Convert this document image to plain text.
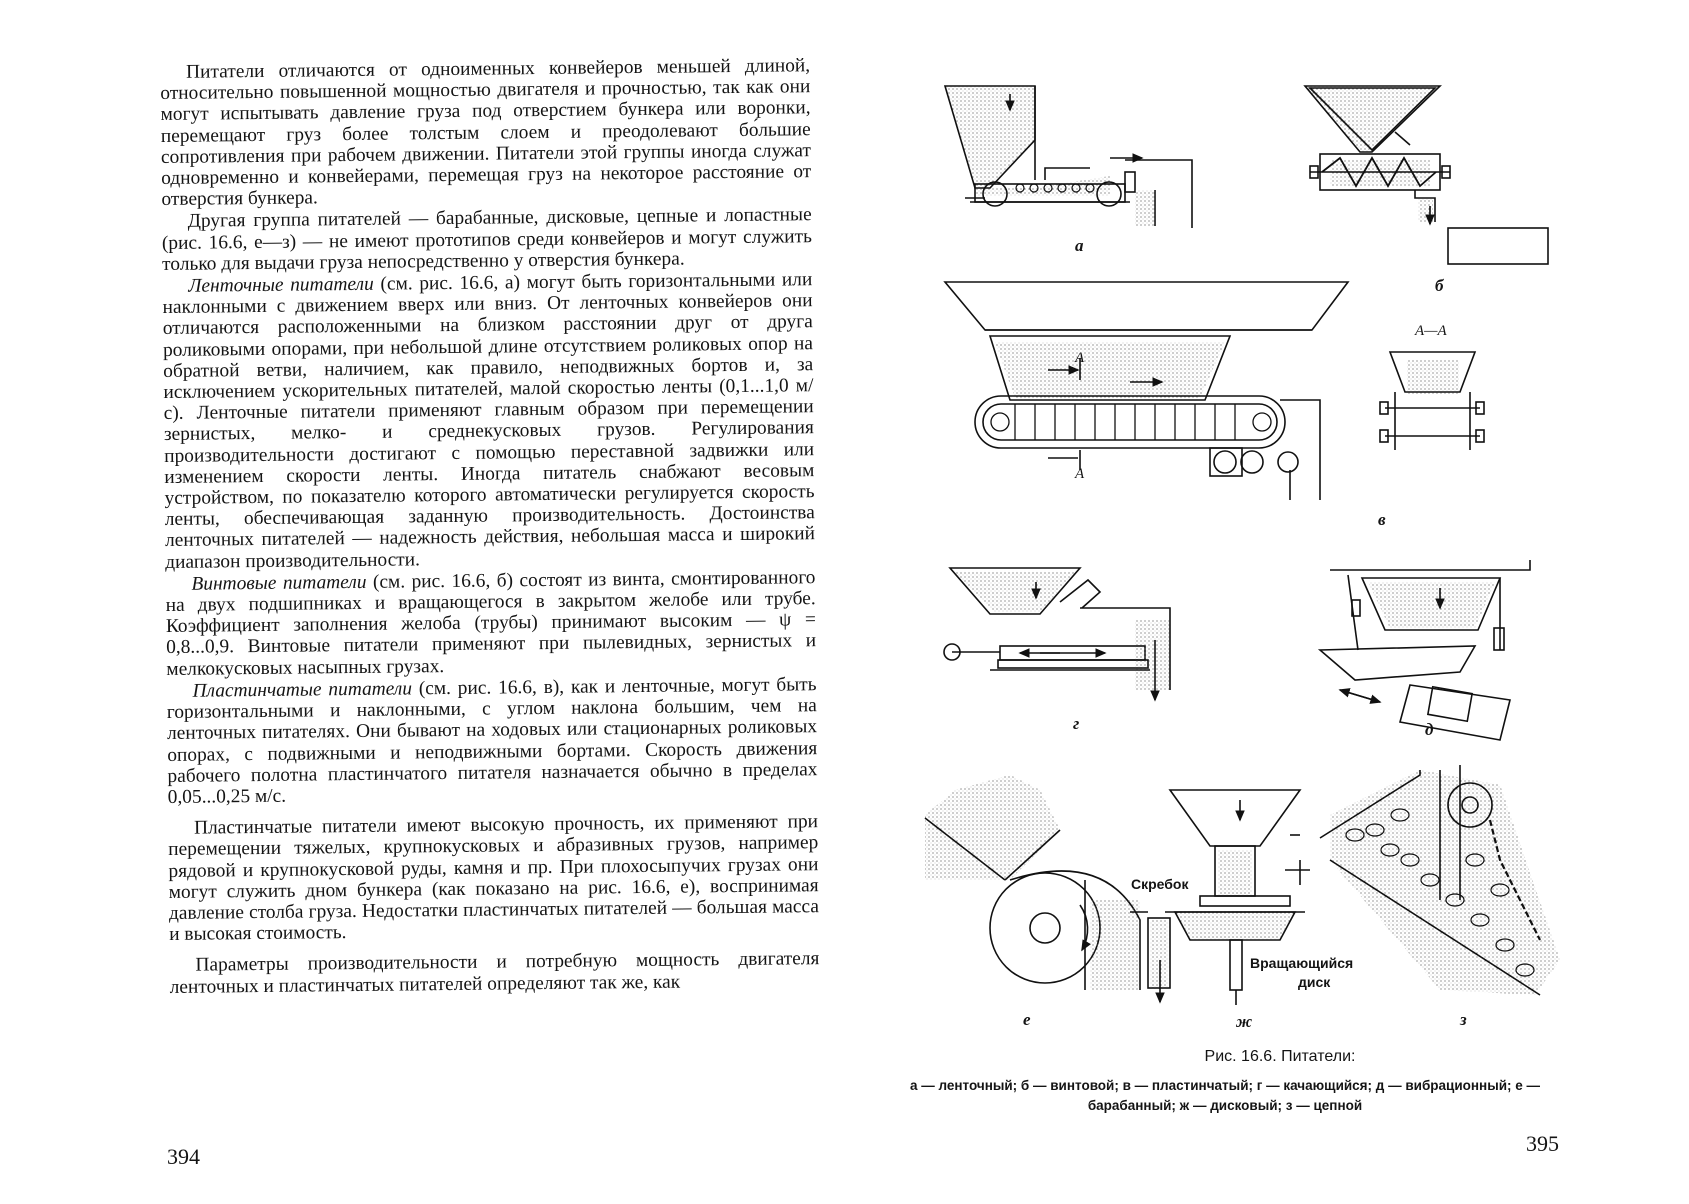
Питатели отличаются от одноименных конвейеров меньшей длиной, относительно повышенной мощностью двигателя и прочностью, так как они могут испытывать давление груза под отверстием бункера или воронки, перемещают груз более толстым слоем и преодолевают бо́льшие сопротивления при рабочем движении. Питатели этой группы иногда служат одновременно и конвейерами, перемещая груз на некоторое расстояние от отверстия бункера.

Другая группа питателей — барабанные, дисковые, цепные и лопастные (рис. 16.6, е—з) — не имеют прототипов среди конвейеров и могут служить только для выдачи груза непосредственно у отверстия бункера.

Ленточные питатели (см. рис. 16.6, а) могут быть горизонтальными или наклонными с движением вверх или вниз. От ленточных конвейеров они отличаются расположенными на близком расстоянии друг от друга роликовыми опорами, при небольшой длине отсутствием роликовых опор на обратной ветви, наличием, как правило, неподвижных бортов и, за исключением ускорительных питателей, малой скоростью ленты (0,1...1,0 м/с). Ленточные питатели применяют главным образом при перемещении зернистых, мелко- и среднекусковых грузов. Регулирования производительности достигают с помощью переставной задвижки или изменением скорости ленты. Иногда питатель снабжают весовым устройством, по показателю которого автоматически регулируется скорость ленты, обеспечивающая заданную производительность. Достоинства ленточных питателей — надежность действия, небольшая масса и широкий диапазон производительности.

Винтовые питатели (см. рис. 16.6, б) состоят из винта, смонтированного на двух подшипниках и вращающегося в закрытом желобе или трубе. Коэффициент заполнения желоба (трубы) принимают высоким — ψ = 0,8...0,9. Винтовые питатели применяют при пылевидных, зернистых и мелкокусковых насыпных грузах.

Пластинчатые питатели (см. рис. 16.6, в), как и ленточные, могут быть горизонтальными и наклонными, с углом наклона большим, чем на ленточных питателях. Они бывают на ходовых или стационарных роликовых опорах, с подвижными и неподвижными бортами. Скорость движения рабочего полотна пластинчатого питателя назначается обычно в пределах 0,05...0,25 м/с.

Пластинчатые питатели имеют высокую прочность, их применяют при перемещении тяжелых, крупнокусковых и абразивных грузов, например рядовой и крупнокусковой руды, камня и пр. При плохосыпучих грузах они могут служить дном бункера (как показано на рис. 16.6, е), воспринимая давление столба груза. Недостатки пластинчатых питателей — большая масса и высокая стоимость.

Параметры производительности и потребную мощность двигателя ленточных и пластинчатых питателей определяют так же, как

394
а
б
в
г	д
е	ж	з
А—А
А
А
Скребок
Вращающийся
диск
Рис. 16.6. Питатели:
а — ленточный; б — винтовой; в — пластинчатый; г — качающийся; д — вибрационный; е — барабанный; ж — дисковый; з — цепной
395
